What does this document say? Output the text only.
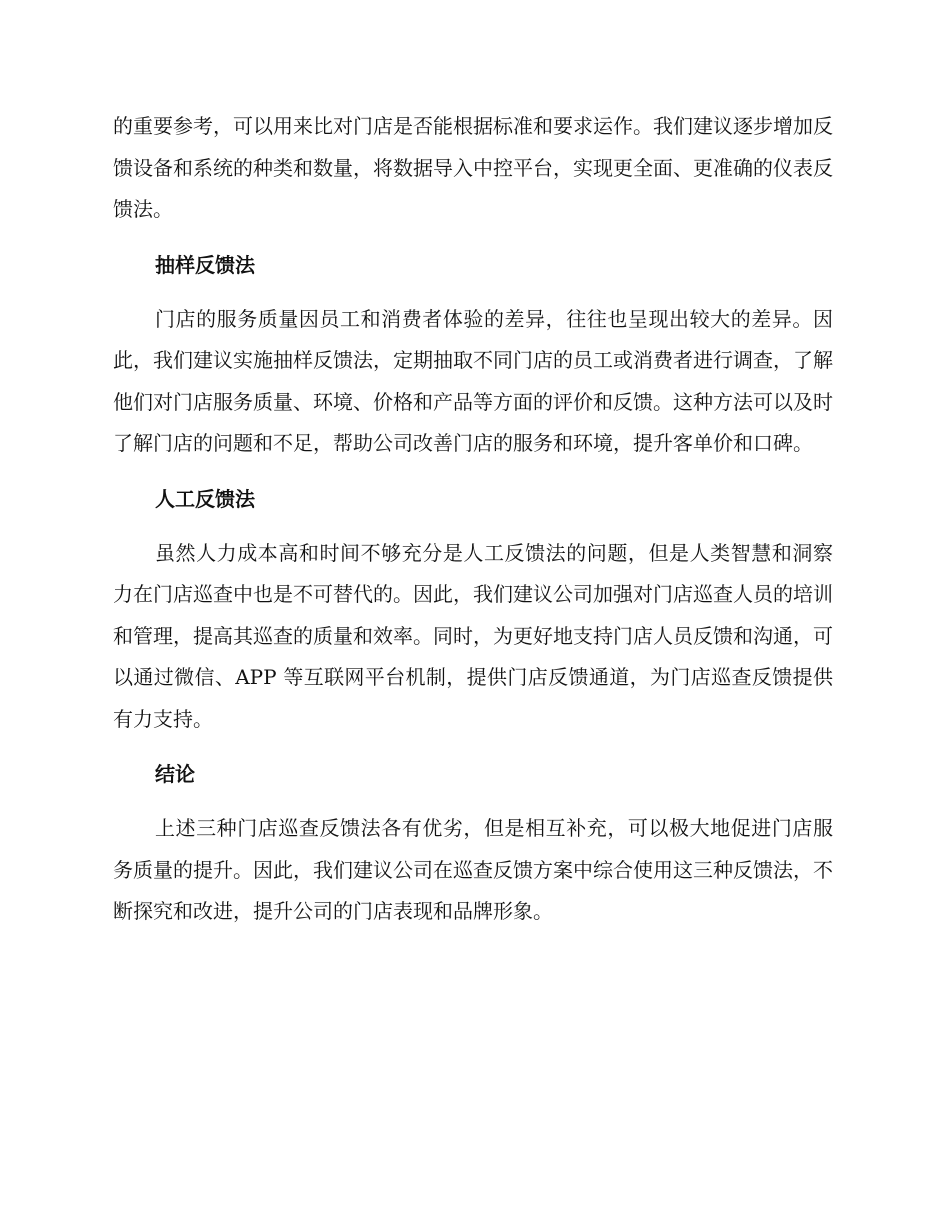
的重要参考，可以用来比对门店是否能根据标准和要求运作。我们建议逐步增加反馈设备和系统的种类和数量，将数据导入中控平台，实现更全面、更准确的仪表反馈法。

抽样反馈法

门店的服务质量因员工和消费者体验的差异，往往也呈现出较大的差异。因此，我们建议实施抽样反馈法，定期抽取不同门店的员工或消费者进行调查，了解他们对门店服务质量、环境、价格和产品等方面的评价和反馈。这种方法可以及时了解门店的问题和不足，帮助公司改善门店的服务和环境，提升客单价和口碑。

人工反馈法

虽然人力成本高和时间不够充分是人工反馈法的问题，但是人类智慧和洞察力在门店巡查中也是不可替代的。因此，我们建议公司加强对门店巡查人员的培训和管理，提高其巡查的质量和效率。同时，为更好地支持门店人员反馈和沟通，可以通过微信、APP 等互联网平台机制，提供门店反馈通道，为门店巡查反馈提供有力支持。

结论

上述三种门店巡查反馈法各有优劣，但是相互补充，可以极大地促进门店服务质量的提升。因此，我们建议公司在巡查反馈方案中综合使用这三种反馈法，不断探究和改进，提升公司的门店表现和品牌形象。
